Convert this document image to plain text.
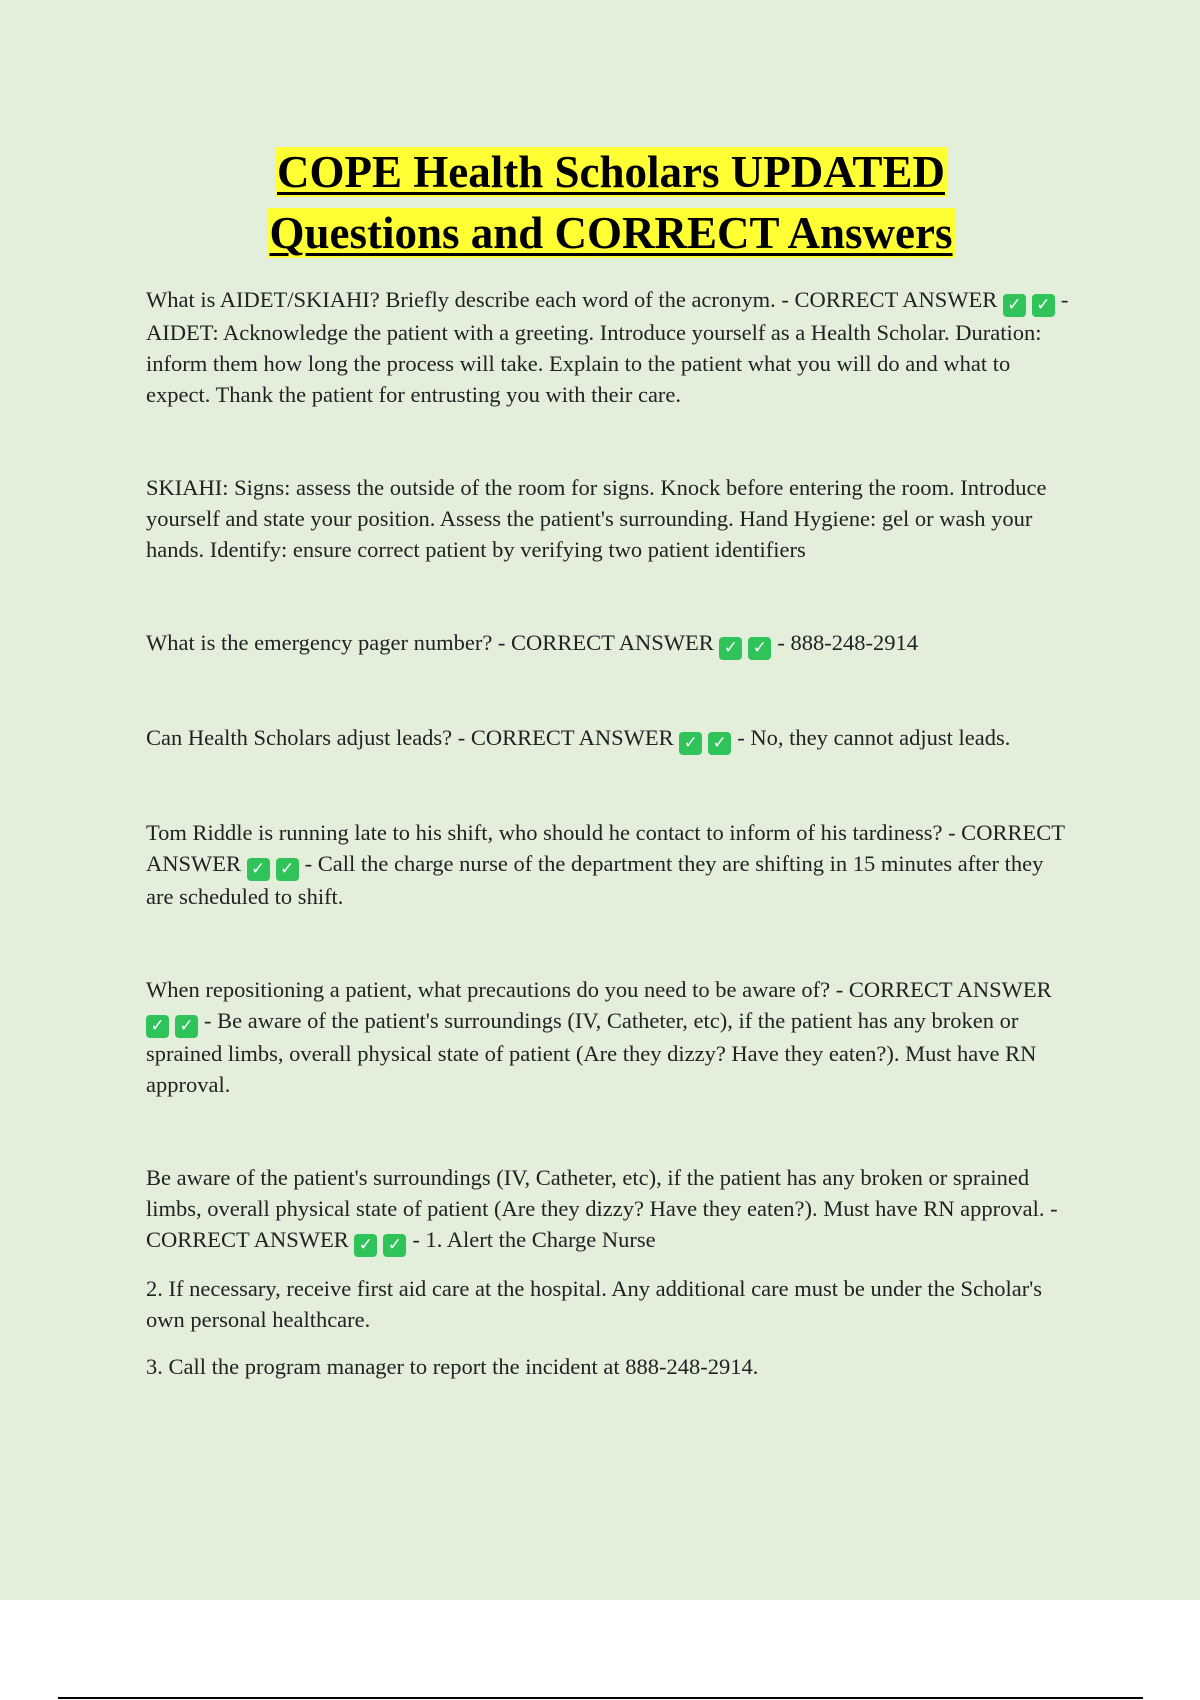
COPE Health Scholars UPDATED
Questions and CORRECT Answers

What is AIDET/SKIAHI? Briefly describe each word of the acronym. - CORRECT ANSWER ✓ ✓ - AIDET: Acknowledge the patient with a greeting. Introduce yourself as a Health Scholar. Duration: inform them how long the process will take. Explain to the patient what you will do and what to expect. Thank the patient for entrusting you with their care.

SKIAHI: Signs: assess the outside of the room for signs. Knock before entering the room. Introduce yourself and state your position. Assess the patient's surrounding. Hand Hygiene: gel or wash your hands. Identify: ensure correct patient by verifying two patient identifiers

What is the emergency pager number? - CORRECT ANSWER ✓ ✓ - 888-248-2914

Can Health Scholars adjust leads? - CORRECT ANSWER ✓ ✓ - No, they cannot adjust leads.

Tom Riddle is running late to his shift, who should he contact to inform of his tardiness? - CORRECT ANSWER ✓ ✓ - Call the charge nurse of the department they are shifting in 15 minutes after they are scheduled to shift.

When repositioning a patient, what precautions do you need to be aware of? - CORRECT ANSWER ✓ ✓ - Be aware of the patient's surroundings (IV, Catheter, etc), if the patient has any broken or sprained limbs, overall physical state of patient (Are they dizzy? Have they eaten?). Must have RN approval.

Be aware of the patient's surroundings (IV, Catheter, etc), if the patient has any broken or sprained limbs, overall physical state of patient (Are they dizzy? Have they eaten?). Must have RN approval. - CORRECT ANSWER ✓ ✓ - 1. Alert the Charge Nurse

2. If necessary, receive first aid care at the hospital. Any additional care must be under the Scholar's own personal healthcare.

3. Call the program manager to report the incident at 888-248-2914.
